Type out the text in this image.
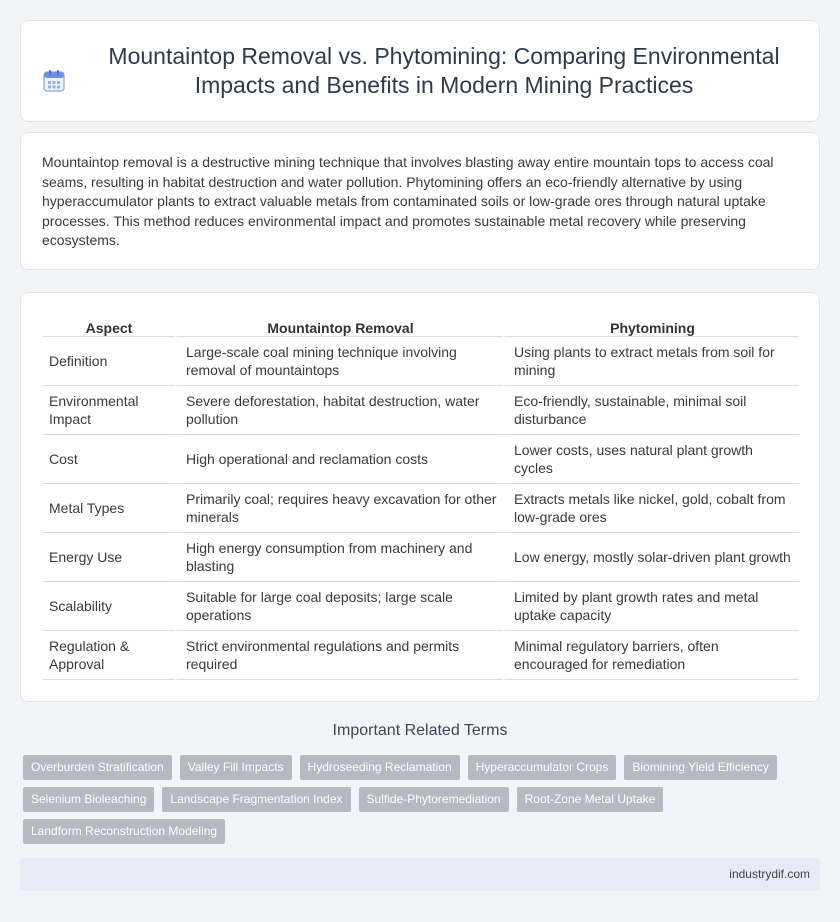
Mountaintop Removal vs. Phytomining: Comparing Environmental Impacts and Benefits in Modern Mining Practices

Mountaintop removal is a destructive mining technique that involves blasting away entire mountain tops to access coal seams, resulting in habitat destruction and water pollution. Phytomining offers an eco-friendly alternative by using hyperaccumulator plants to extract valuable metals from contaminated soils or low-grade ores through natural uptake processes. This method reduces environmental impact and promotes sustainable metal recovery while preserving ecosystems.

Aspect	Mountaintop Removal	Phytomining
Definition	Large-scale coal mining technique involving removal of mountaintops	Using plants to extract metals from soil for mining
Environmental Impact	Severe deforestation, habitat destruction, water pollution	Eco-friendly, sustainable, minimal soil disturbance
Cost	High operational and reclamation costs	Lower costs, uses natural plant growth cycles
Metal Types	Primarily coal; requires heavy excavation for other minerals	Extracts metals like nickel, gold, cobalt from low-grade ores
Energy Use	High energy consumption from machinery and blasting	Low energy, mostly solar-driven plant growth
Scalability	Suitable for large coal deposits; large scale operations	Limited by plant growth rates and metal uptake capacity
Regulation & Approval	Strict environmental regulations and permits required	Minimal regulatory barriers, often encouraged for remediation
Important Related Terms
Overburden Stratification	Valley Fill Impacts	Hydroseeding Reclamation	Hyperaccumulator Crops	Biomining Yield Efficiency
Selenium Bioleaching	Landscape Fragmentation Index	Sulfide-Phytoremediation	Root-Zone Metal Uptake
Landform Reconstruction Modeling
industrydif.com
